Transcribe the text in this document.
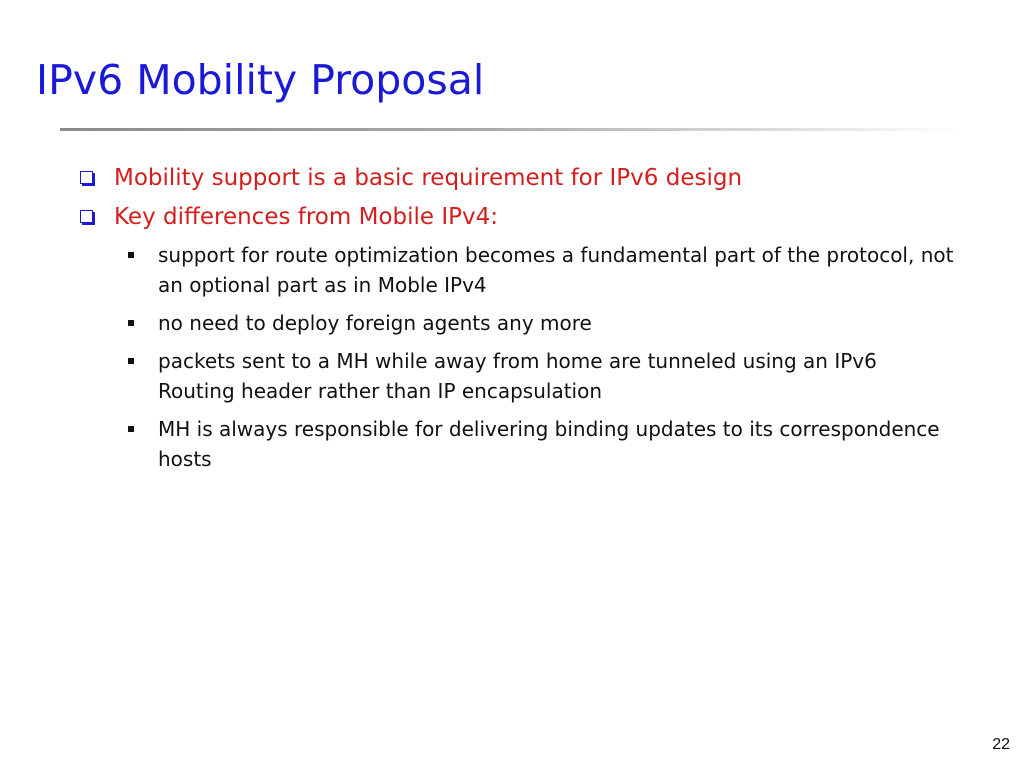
IPv6 Mobility Proposal
Mobility support is a basic requirement for IPv6 design
Key differences from Mobile IPv4:
support for route optimization becomes a fundamental part of the protocol, not an optional part as in Moble IPv4
no need to deploy foreign agents any more
packets sent to a MH while away from home are tunneled using an IPv6 Routing header rather than IP encapsulation
MH is always responsible for delivering binding updates to its correspondence hosts
22
